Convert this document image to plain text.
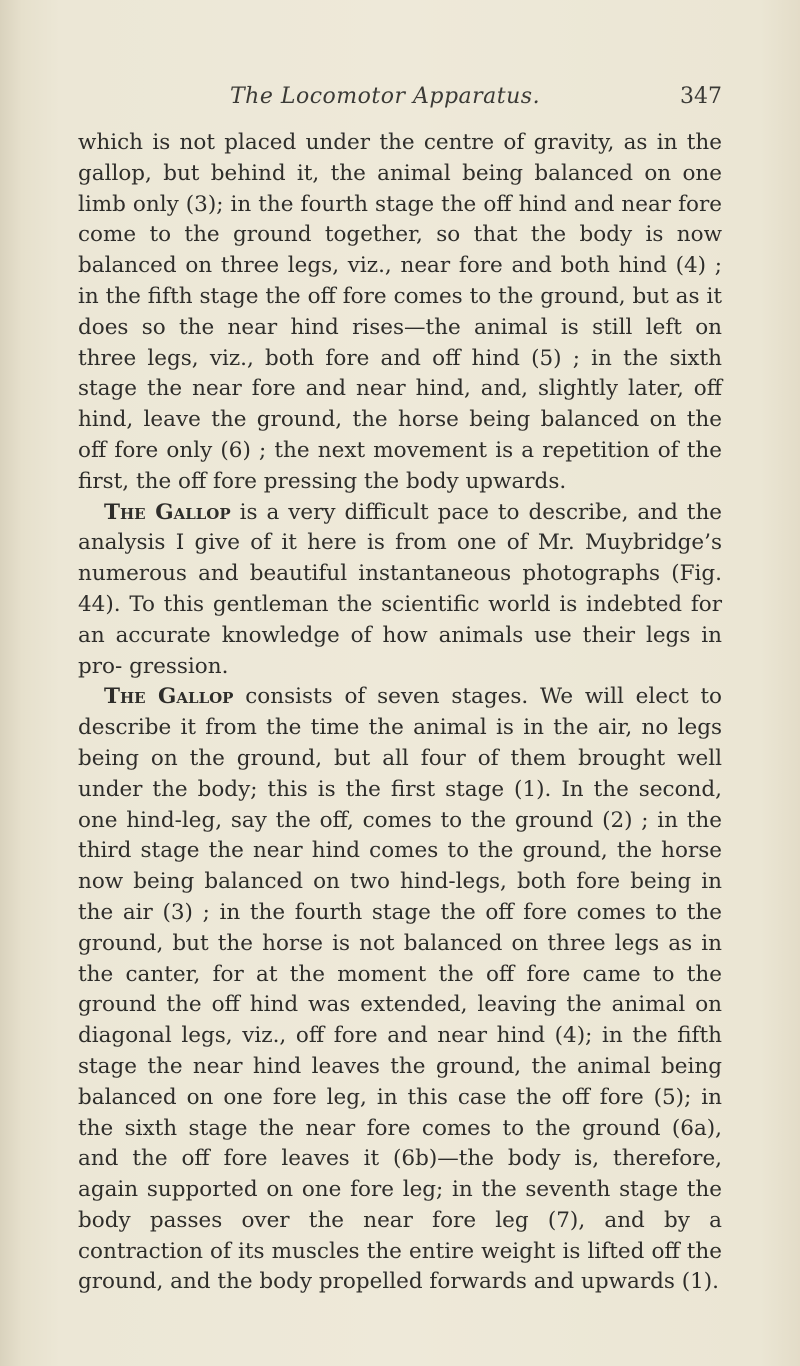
The Locomotor Apparatus.	347

which is not placed under the centre of gravity, as in the gallop, but behind it, the animal being balanced on one limb only (3); in the fourth stage the off hind and near fore come to the ground together, so that the body is now balanced on three legs, viz., near fore and both hind (4) ; in the fifth stage the off fore comes to the ground, but as it does so the near hind rises—the animal is still left on three legs, viz., both fore and off hind (5) ; in the sixth stage the near fore and near hind, and, slightly later, off hind, leave the ground, the horse being balanced on the off fore only (6) ; the next movement is a repetition of the first, the off fore pressing the body upwards.

The Gallop is a very difficult pace to describe, and the analysis I give of it here is from one of Mr. Muybridge’s numerous and beautiful instantaneous photographs (Fig. 44). To this gentleman the scientific world is indebted for an accurate knowledge of how animals use their legs in pro- gression.

The Gallop consists of seven stages. We will elect to describe it from the time the animal is in the air, no legs being on the ground, but all four of them brought well under the body; this is the first stage (1). In the second, one hind-leg, say the off, comes to the ground (2) ; in the third stage the near hind comes to the ground, the horse now being balanced on two hind-legs, both fore being in the air (3) ; in the fourth stage the off fore comes to the ground, but the horse is not balanced on three legs as in the canter, for at the moment the off fore came to the ground the off hind was extended, leaving the animal on diagonal legs, viz., off fore and near hind (4); in the fifth stage the near hind leaves the ground, the animal being balanced on one fore leg, in this case the off fore (5); in the sixth stage the near fore comes to the ground (6a), and the off fore leaves it (6b)—the body is, therefore, again supported on one fore leg; in the seventh stage the body passes over the near fore leg (7), and by a contraction of its muscles the entire weight is lifted off the ground, and the body propelled forwards and upwards (1).
